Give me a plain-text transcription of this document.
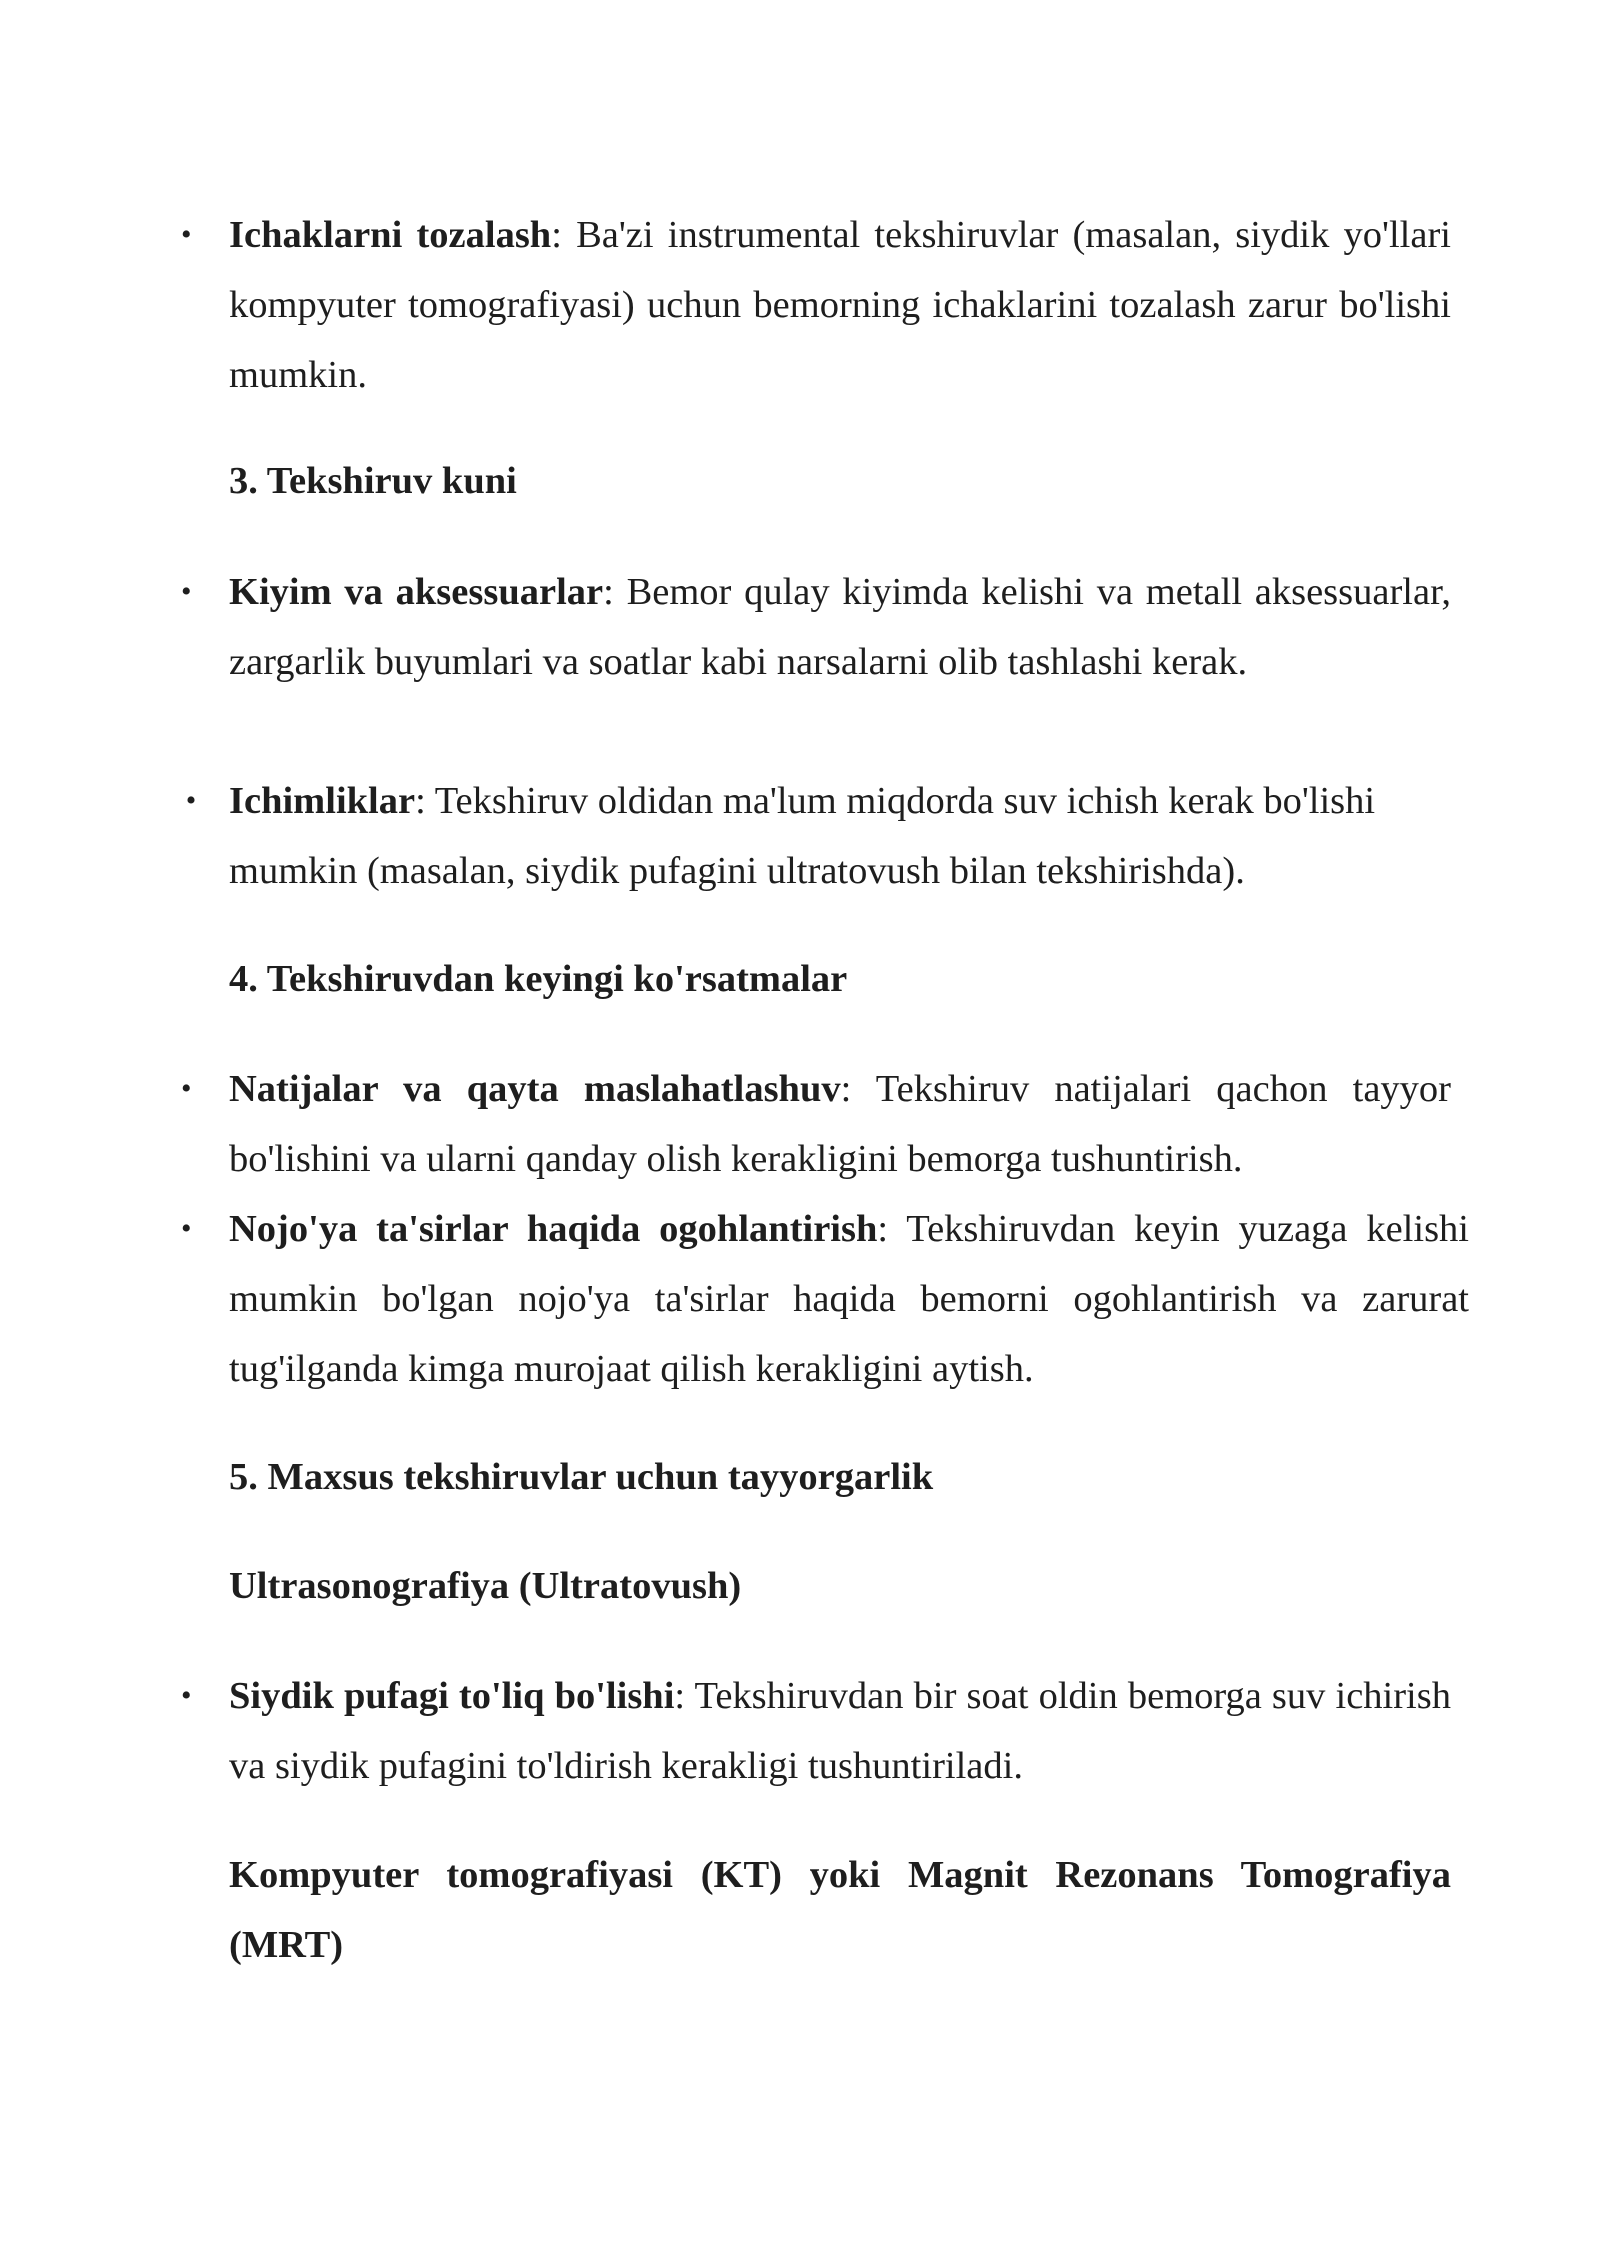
•
Ichaklarni tozalash: Ba'zi instrumental tekshiruvlar (masalan, siydik yo'llari kompyuter tomografiyasi) uchun bemorning ichaklarini tozalash zarur bo'lishi mumkin.
3. Tekshiruv kuni
•
Kiyim va aksessuarlar: Bemor qulay kiyimda kelishi va metall aksessuarlar, zargarlik buyumlari va soatlar kabi narsalarni olib tashlashi kerak.
•
Ichimliklar: Tekshiruv oldidan ma'lum miqdorda suv ichish kerak bo'lishi mumkin (masalan, siydik pufagini ultratovush bilan tekshirishda).
4. Tekshiruvdan keyingi ko'rsatmalar
•
Natijalar va qayta maslahatlashuv: Tekshiruv natijalari qachon tayyor bo'lishini va ularni qanday olish kerakligini bemorga tushuntirish.
•
Nojo'ya ta'sirlar haqida ogohlantirish: Tekshiruvdan keyin yuzaga kelishi mumkin bo'lgan nojo'ya ta'sirlar haqida bemorni ogohlantirish va zarurat tug'ilganda kimga murojaat qilish kerakligini aytish.
5. Maxsus tekshiruvlar uchun tayyorgarlik
Ultrasonografiya (Ultratovush)
•
Siydik pufagi to'liq bo'lishi: Tekshiruvdan bir soat oldin bemorga suv ichirish va siydik pufagini to'ldirish kerakligi tushuntiriladi.
Kompyuter tomografiyasi (KT) yoki Magnit Rezonans Tomografiya (MRT)
